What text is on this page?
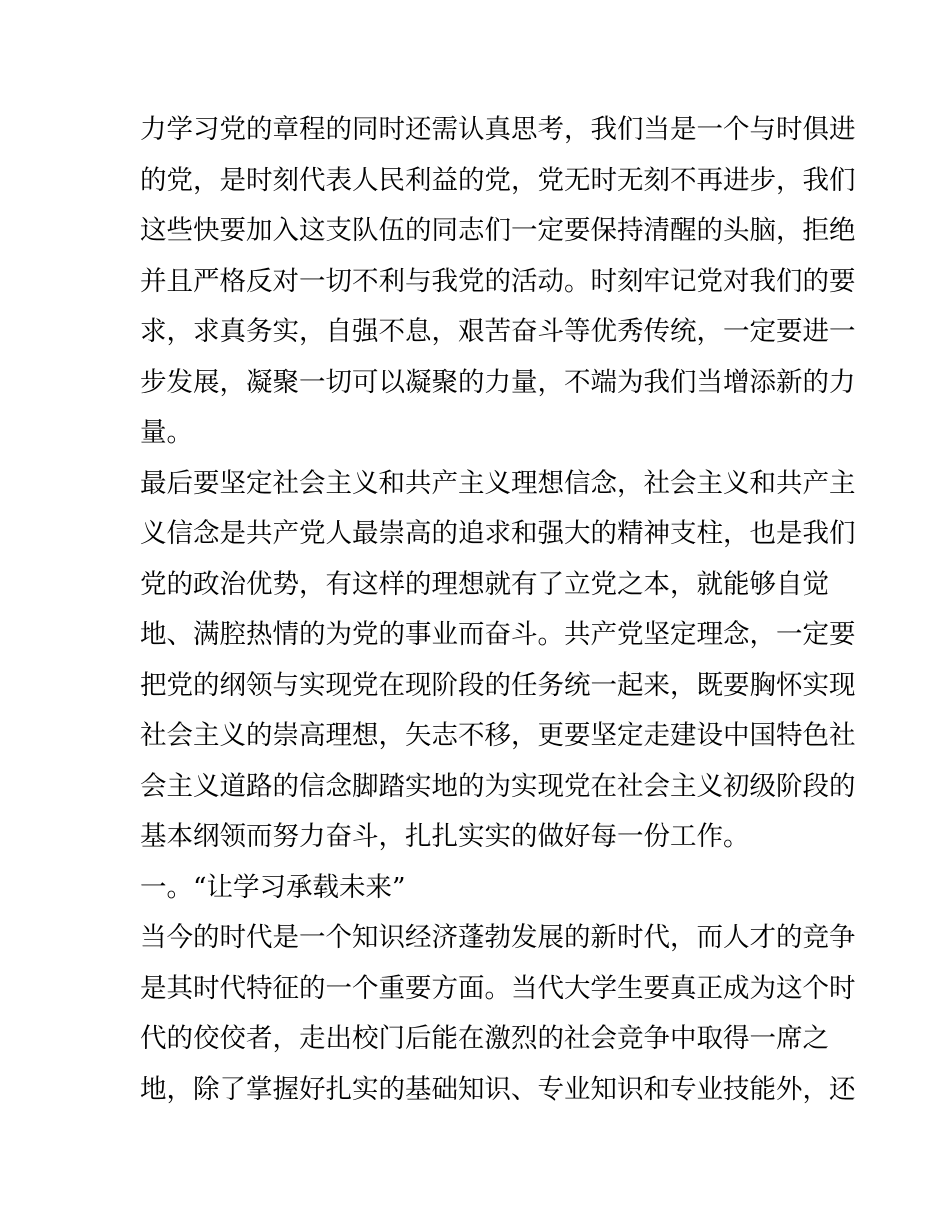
力学习党的章程的同时还需认真思考，我们当是一个与时俱进
的党，是时刻代表人民利益的党，党无时无刻不再进步，我们
这些快要加入这支队伍的同志们一定要保持清醒的头脑，拒绝
并且严格反对一切不利与我党的活动。时刻牢记党对我们的要
求，求真务实，自强不息，艰苦奋斗等优秀传统，一定要进一
步发展，凝聚一切可以凝聚的力量，不端为我们当增添新的力
量。
最后要坚定社会主义和共产主义理想信念，社会主义和共产主
义信念是共产党人最崇高的追求和强大的精神支柱，也是我们
党的政治优势，有这样的理想就有了立党之本，就能够自觉
地、满腔热情的为党的事业而奋斗。共产党坚定理念，一定要
把党的纲领与实现党在现阶段的任务统一起来，既要胸怀实现
社会主义的崇高理想，矢志不移，更要坚定走建设中国特色社
会主义道路的信念脚踏实地的为实现党在社会主义初级阶段的
基本纲领而努力奋斗，扎扎实实的做好每一份工作。
一。“让学习承载未来”
当今的时代是一个知识经济蓬勃发展的新时代，而人才的竞争
是其时代特征的一个重要方面。当代大学生要真正成为这个时
代的佼佼者，走出校门后能在激烈的社会竞争中取得一席之
地，除了掌握好扎实的基础知识、专业知识和专业技能外，还
